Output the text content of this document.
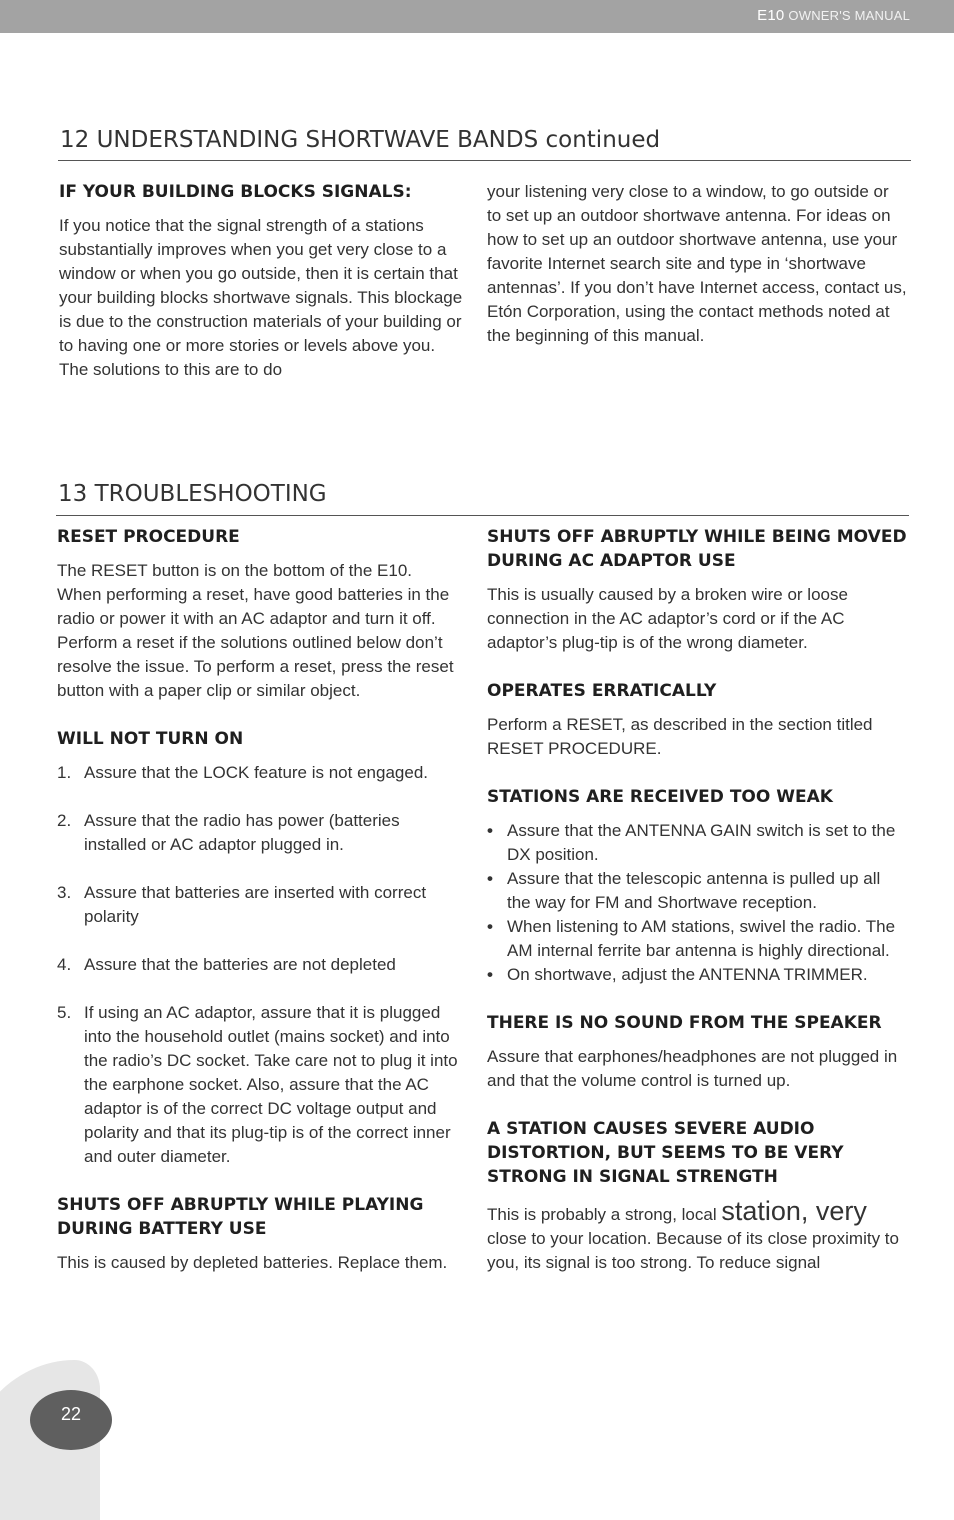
E10 OWNER'S MANUAL
12 UNDERSTANDING SHORTWAVE BANDS continued

IF YOUR BUILDING BLOCKS SIGNALS:

If you notice that the signal strength of a stations substantially improves when you get very close to a window or when you go outside, then it is certain that your building blocks shortwave signals. This blockage is due to the construction materials of your building or to having one or more stories or levels above you. The solutions to this are to do

your listening very close to a window, to go outside or to set up an outdoor shortwave antenna. For ideas on how to set up an outdoor shortwave antenna, use your favorite Internet search site and type in ‘shortwave antennas’. If you don’t have Internet access, contact us, Etón Corporation, using the contact methods noted at the beginning of this manual.

13 TROUBLESHOOTING

RESET PROCEDURE

The RESET button is on the bottom of the E10. When performing a reset, have good batteries in the radio or power it with an AC adaptor and turn it off. Perform a reset if the solutions outlined below don’t resolve the issue. To perform a reset, press the reset button with a paper clip or similar object.

WILL NOT TURN ON

1. Assure that the LOCK feature is not engaged.
2. Assure that the radio has power (batteries installed or AC adaptor plugged in.
3. Assure that batteries are inserted with correct polarity
4. Assure that the batteries are not depleted
5. If using an AC adaptor, assure that it is plugged into the household outlet (mains socket) and into the radio’s DC socket. Take care not to plug it into the earphone socket. Also, assure that the AC adaptor is of the correct DC voltage output and polarity and that its plug-tip is of the correct inner and outer diameter.

SHUTS OFF ABRUPTLY WHILE PLAYING DURING BATTERY USE

This is caused by depleted batteries. Replace them.

SHUTS OFF ABRUPTLY WHILE BEING MOVED DURING AC ADAPTOR USE

This is usually caused by a broken wire or loose connection in the AC adaptor’s cord or if the AC adaptor’s plug-tip is of the wrong diameter.

OPERATES ERRATICALLY

Perform a RESET, as described in the section titled RESET PROCEDURE.

STATIONS ARE RECEIVED TOO WEAK

• Assure that the ANTENNA GAIN switch is set to the DX position.
• Assure that the telescopic antenna is pulled up all the way for FM and Shortwave reception.
• When listening to AM stations, swivel the radio. The AM internal ferrite bar antenna is highly directional.
• On shortwave, adjust the ANTENNA TRIMMER.

THERE IS NO SOUND FROM THE SPEAKER

Assure that earphones/headphones are not plugged in and that the volume control is turned up.

A STATION CAUSES SEVERE AUDIO DISTORTION, BUT SEEMS TO BE VERY STRONG IN SIGNAL STRENGTH

This is probably a strong, local station, very close to your location. Because of its close proximity to you, its signal is too strong. To reduce signal

22
